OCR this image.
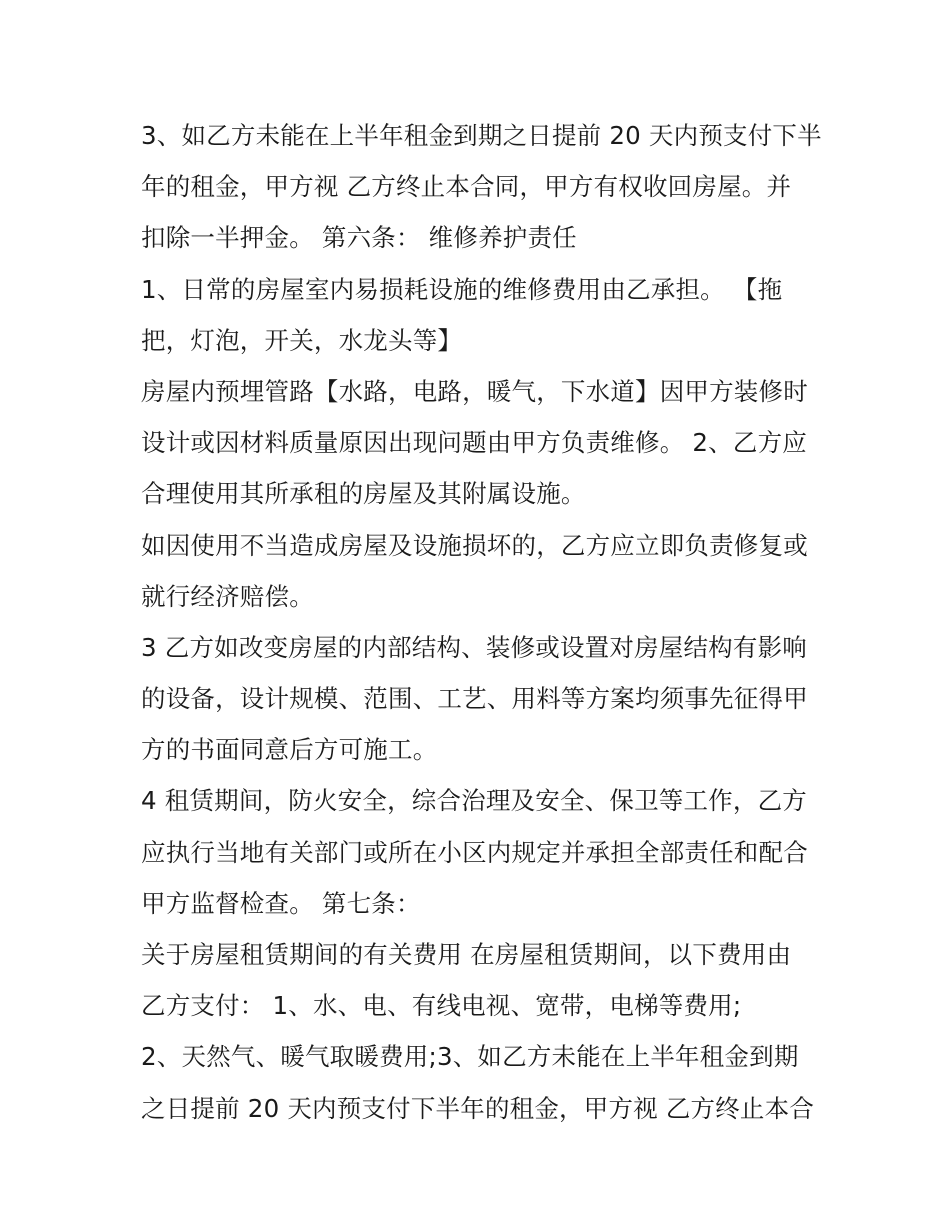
3、如乙方未能在上半年租金到期之日提前 20 天内预支付下半
年的租金，甲方视 乙方终止本合同，甲方有权收回房屋。并
扣除一半押金。 第六条： 维修养护责任
1、日常的房屋室内易损耗设施的维修费用由乙承担。 【拖
把，灯泡，开关，水龙头等】
房屋内预埋管路【水路，电路，暖气，下水道】因甲方装修时
设计或因材料质量原因出现问题由甲方负责维修。 2、乙方应
合理使用其所承租的房屋及其附属设施。
如因使用不当造成房屋及设施损坏的，乙方应立即负责修复或
就行经济赔偿。
3 乙方如改变房屋的内部结构、装修或设置对房屋结构有影响
的设备，设计规模、范围、工艺、用料等方案均须事先征得甲
方的书面同意后方可施工。
4 租赁期间，防火安全，综合治理及安全、保卫等工作，乙方
应执行当地有关部门或所在小区内规定并承担全部责任和配合
甲方监督检查。 第七条：
关于房屋租赁期间的有关费用 在房屋租赁期间，以下费用由
乙方支付： 1、水、电、有线电视、宽带，电梯等费用;
2、天然气、暖气取暖费用;3、如乙方未能在上半年租金到期
之日提前 20 天内预支付下半年的租金，甲方视 乙方终止本合
